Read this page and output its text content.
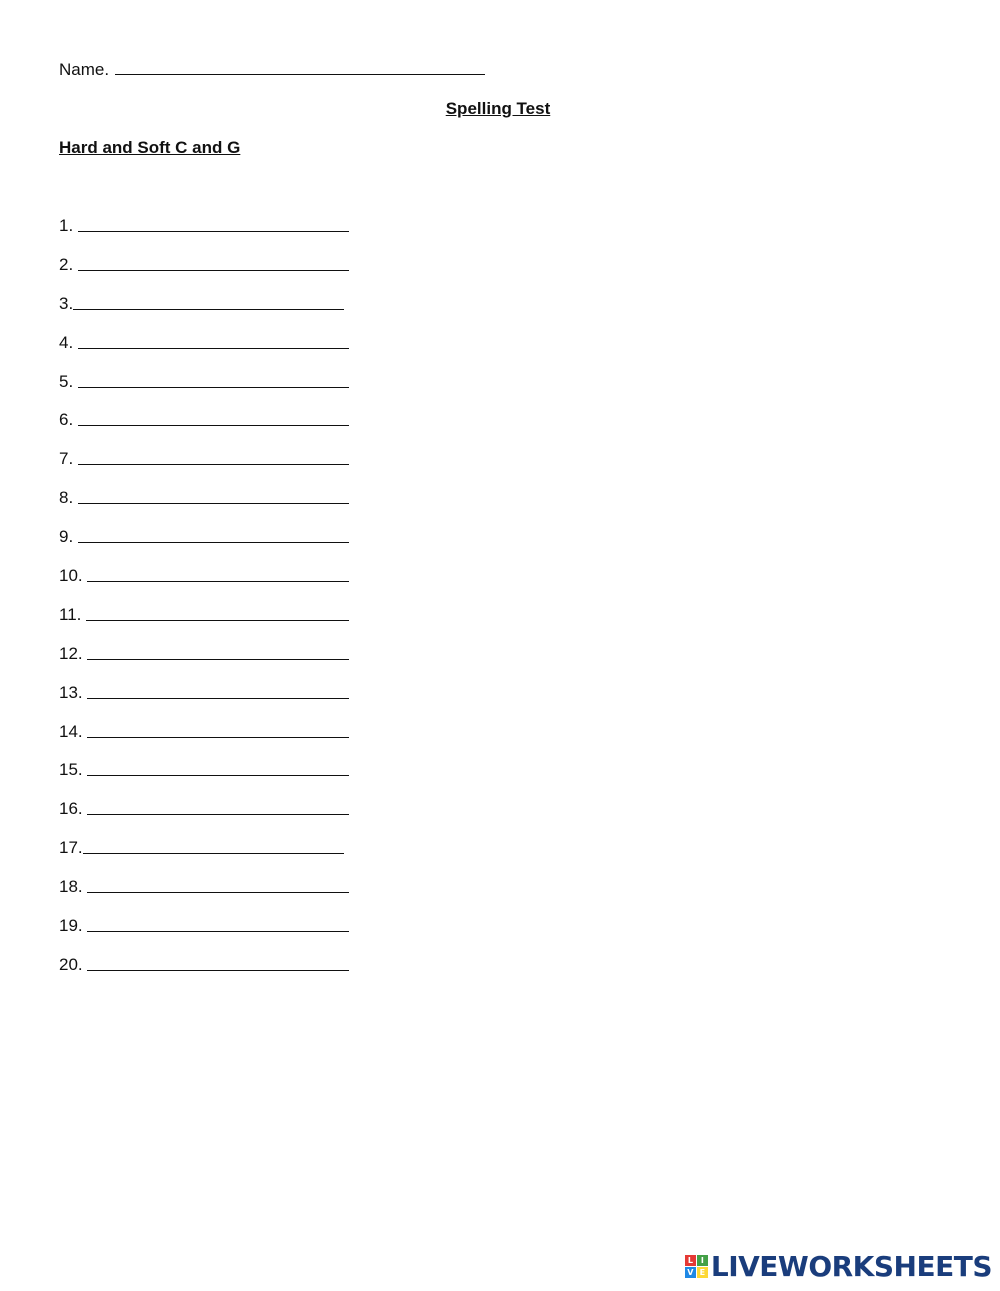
Name.
Spelling Test
Hard and Soft C and G
1.
2.
3.
4.
5.
6.
7.
8.
9.
10.
11.
12.
13.
14.
15.
16.
17.
18.
19.
20.
L I
V E LIVEWORKSHEETS
